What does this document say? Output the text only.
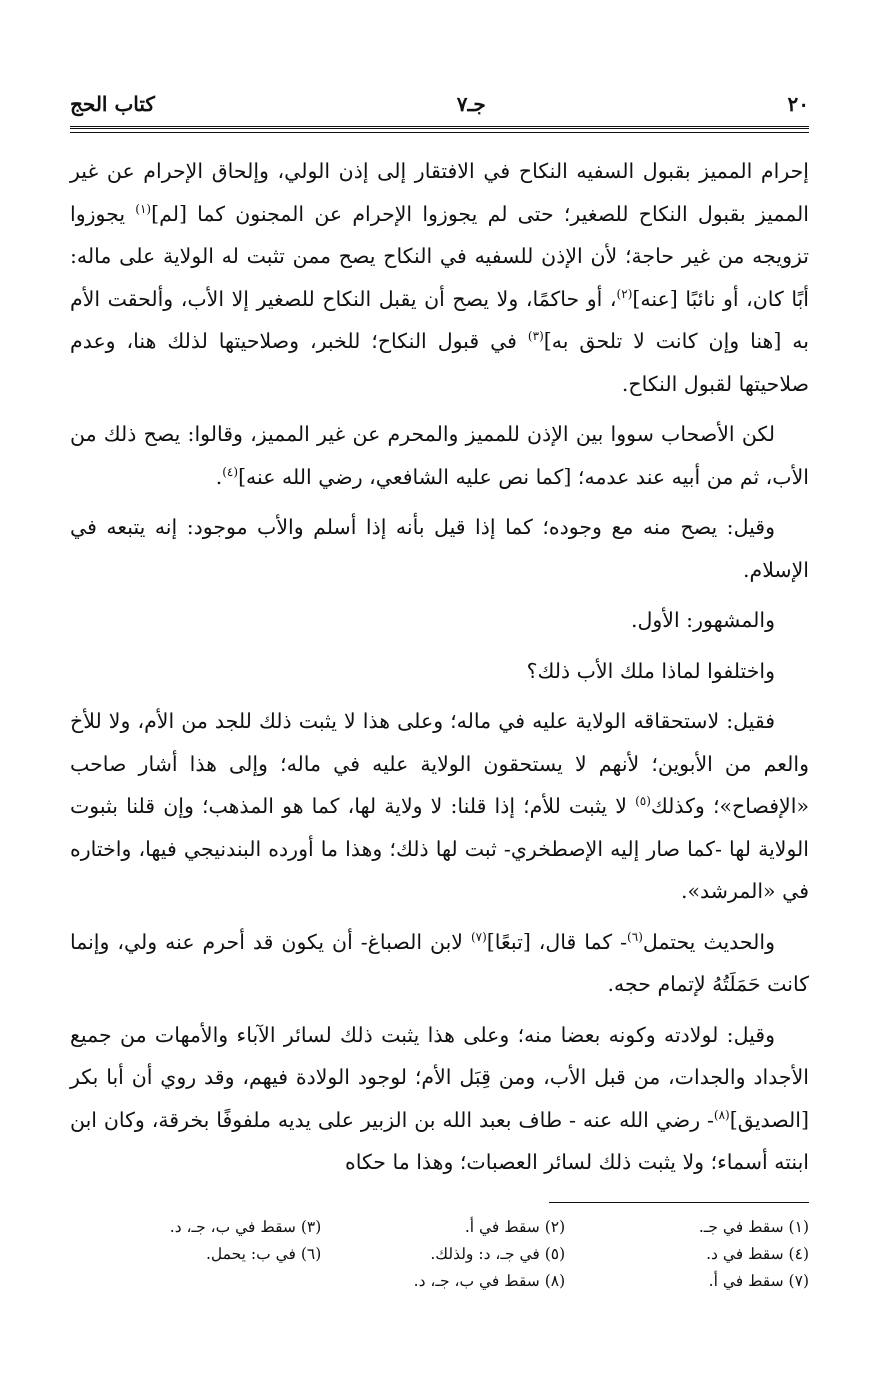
٢٠
جـ٧
كتاب الحج

إحرام المميز بقبول السفيه النكاح في الافتقار إلى إذن الولي، وإلحاق الإحرام عن غير المميز بقبول النكاح للصغير؛ حتى لم يجوزوا الإحرام عن المجنون كما [لم]$^{(١)}$ يجوزوا تزويجه من غير حاجة؛ لأن الإذن للسفيه في النكاح يصح ممن تثبت له الولاية على ماله: أبًا كان، أو نائبًا [عنه]$^{(٢)}$، أو حاكمًا، ولا يصح أن يقبل النكاح للصغير إلا الأب، وألحقت الأم به [هنا وإن كانت لا تلحق به]$^{(٣)}$ في قبول النكاح؛ للخبر، وصلاحيتها لذلك هنا، وعدم صلاحيتها لقبول النكاح.

لكن الأصحاب سووا بين الإذن للمميز والمحرم عن غير المميز، وقالوا: يصح ذلك من الأب، ثم من أبيه عند عدمه؛ [كما نص عليه الشافعي، رضي الله عنه]$^{(٤)}$.

وقيل: يصح منه مع وجوده؛ كما إذا قيل بأنه إذا أسلم والأب موجود: إنه يتبعه في الإسلام.

والمشهور: الأول.

واختلفوا لماذا ملك الأب ذلك؟

فقيل: لاستحقاقه الولاية عليه في ماله؛ وعلى هذا لا يثبت ذلك للجد من الأم، ولا للأخ والعم من الأبوين؛ لأنهم لا يستحقون الولاية عليه في ماله؛ وإلى هذا أشار صاحب «الإفصاح»؛ وكذلك$^{(٥)}$ لا يثبت للأم؛ إذا قلنا: لا ولاية لها، كما هو المذهب؛ وإن قلنا بثبوت الولاية لها -كما صار إليه الإصطخري- ثبت لها ذلك؛ وهذا ما أورده البندنيجي فيها، واختاره في «المرشد».

والحديث يحتمل$^{(٦)}$- كما قال، [تبعًا]$^{(٧)}$ لابن الصباغ- أن يكون قد أحرم عنه ولي، وإنما كانت حَمَلَتُهُ لإتمام حجه.

وقيل: لولادته وكونه بعضا منه؛ وعلى هذا يثبت ذلك لسائر الآباء والأمهات من جميع الأجداد والجدات، من قبل الأب، ومن قِبَل الأم؛ لوجود الولادة فيهم، وقد روي أن أبا بكر [الصديق]$^{(٨)}$- رضي الله عنه - طاف بعبد الله بن الزبير على يديه ملفوفًا بخرقة، وكان ابن ابنته أسماء؛ ولا يثبت ذلك لسائر العصبات؛ وهذا ما حكاه

(١) سقط في جـ.
(٢) سقط في أ.
(٣) سقط في ب، جـ، د.
(٤) سقط في د.
(٥) في جـ، د: ولذلك.
(٦) في ب: يحمل.
(٧) سقط في أ.
(٨) سقط في ب، جـ، د.
